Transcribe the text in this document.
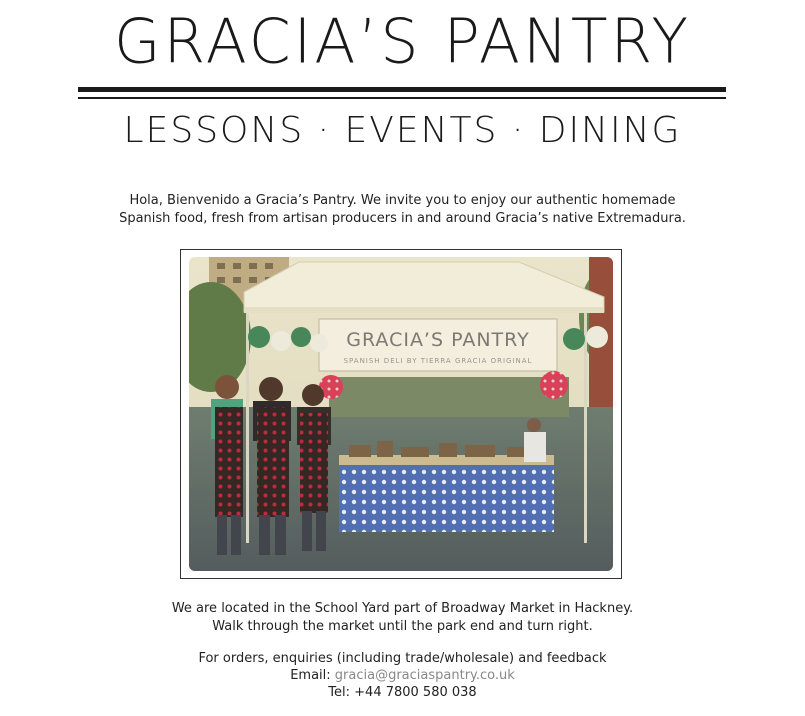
GRACIA’S PANTRY
LESSONS · EVENTS · DINING
Hola, Bienvenido a Gracia’s Pantry. We invite you to enjoy our authentic homemade
Spanish food, fresh from artisan producers in and around Gracia’s native Extremadura.
GRACIA’S PANTRY
SPANISH DELI BY TIERRA GRACIA ORIGINAL
We are located in the School Yard part of Broadway Market in Hackney.
Walk through the market until the park end and turn right.
For orders, enquiries (including trade/wholesale) and feedback
Email: gracia@graciaspantry.co.uk
Tel: +44 7800 580 038
